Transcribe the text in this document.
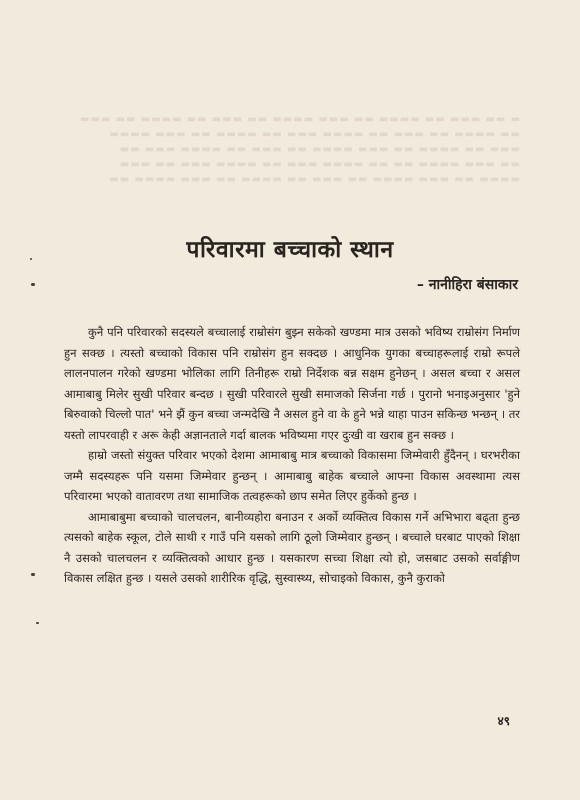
▬ ▬▬ ▬▬▬ ▬▬ ▬▬▬▬ ▬▬ ▬▬▬ ▬▬▬▬ ▬▬ ▬▬▬ ▬▬ ▬▬▬▬ ▬▬ ▬▬▬
▬▬ ▬▬▬▬ ▬▬ ▬▬▬ ▬▬ ▬▬▬▬ ▬▬▬ ▬▬ ▬▬▬▬ ▬▬ ▬▬▬ ▬▬▬▬
▬▬▬ ▬▬ ▬▬▬▬ ▬▬ ▬▬▬ ▬▬▬▬ ▬▬ ▬▬▬ ▬▬ ▬▬▬▬ ▬▬▬ ▬▬
▬▬ ▬▬▬ ▬▬▬▬ ▬▬ ▬▬ ▬▬▬▬ ▬▬▬ ▬▬ ▬▬▬▬ ▬▬▬ ▬▬ ▬▬▬
▬▬▬▬ ▬▬ ▬▬▬ ▬▬▬▬ ▬▬ ▬▬▬ ▬▬ ▬▬▬▬ ▬▬ ▬▬▬ ▬▬▬▬ ▬▬
परिवारमा बच्चाको स्थान
– नानीहिरा बंसाकार

कुनै पनि परिवारको सदस्यले बच्चालाई राम्रोसंग बुझ्न सकेको खण्डमा मात्र उसको भविष्य राम्रोसंग निर्माण हुन सक्छ । त्यस्तो बच्चाको विकास पनि राम्रोसंग हुन सक्दछ । आधुनिक युगका बच्चाहरूलाई राम्रो रूपले लालनपालन गरेको खण्डमा भोलिका लागि तिनीहरू राम्रो निर्देशक बन्न सक्षम हुनेछन् । असल बच्चा र असल आमाबाबु मिलेर सुखी परिवार बन्दछ । सुखी परिवारले सुखी समाजको सिर्जना गर्छ । पुरानो भनाइअनुसार 'हुने बिरुवाको चिल्लो पात' भने झैं कुन बच्चा जन्मदेखि नै असल हुने वा के हुने भन्ने थाहा पाउन सकिन्छ भन्छन् । तर यस्तो लापरवाही र अरू केही अज्ञानताले गर्दा बालक भविष्यमा गएर दुःखी वा खराब हुन सक्छ ।

हाम्रो जस्तो संयुक्त परिवार भएको देशमा आमाबाबु मात्र बच्चाको विकासमा जिम्मेवारी हुँदैनन् । घरभरीका जम्मै सदस्यहरू पनि यसमा जिम्मेवार हुन्छन् । आमाबाबु बाहेक बच्चाले आफ्ना विकास अवस्थामा त्यस परिवारमा भएको वातावरण तथा सामाजिक तत्वहरूको छाप समेत लिएर हुर्केको हुन्छ ।

आमाबाबुमा बच्चाको चालचलन, बानीव्यहोरा बनाउन र अर्को व्यक्तित्व विकास गर्ने अभिभारा बढ्ता हुन्छ त्यसको बाहेक स्कूल, टोले साथी र गाउँ पनि यसको लागि ठूलो जिम्मेवार हुन्छन् । बच्चाले घरबाट पाएको शिक्षा नै उसको चालचलन र व्यक्तित्वको आधार हुन्छ । यसकारण सच्चा शिक्षा त्यो हो, जसबाट उसको सर्वाङ्गीण विकास लक्षित हुन्छ । यसले उसको शारीरिक वृद्धि, सुस्वास्थ्य, सोचाइको विकास, कुनै कुराको

४९
